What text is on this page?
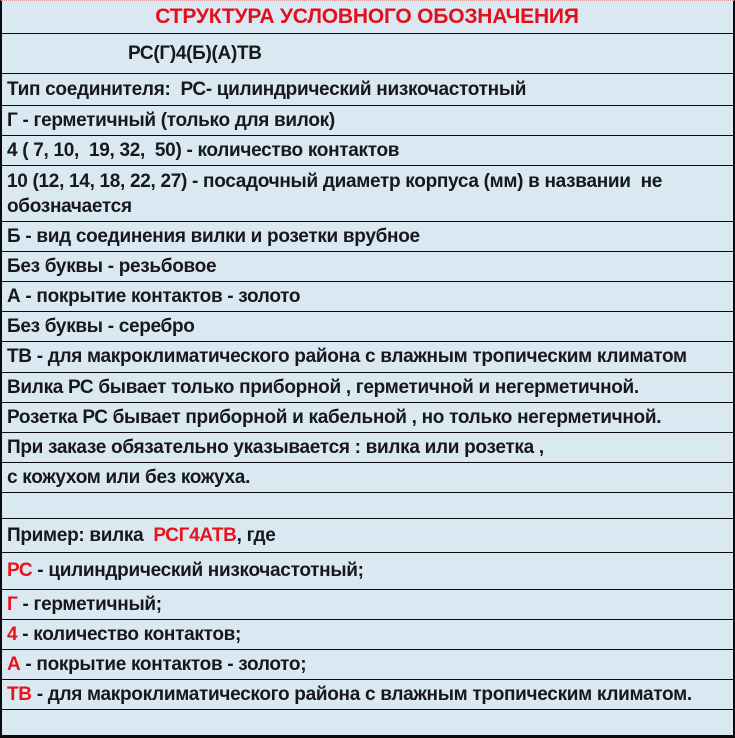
СТРУКТУРА УСЛОВНОГО ОБОЗНАЧЕНИЯ
РС(Г)4(Б)(А)ТВ
Тип соединителя:  РС- цилиндрический низкочастотный
Г - герметичный (только для вилок)
4 ( 7, 10,  19, 32,  50) - количество контактов
10 (12, 14, 18, 22, 27) - посадочный диаметр корпуса (мм) в названии  не
обозначается
Б - вид соединения вилки и розетки врубное
Без буквы - резьбовое
А - покрытие контактов - золото
Без буквы - серебро
ТВ - для макроклиматического района с влажным тропическим климатом
Вилка РС бывает только приборной , герметичной и негерметичной.
Розетка РС бывает приборной и кабельной , но только негерметичной.
При заказе обязательно указывается : вилка или розетка ,
с кожухом или без кожуха.
Пример: вилка  РСГ4АТВ, где
РС - цилиндрический низкочастотный;
Г - герметичный;
4 - количество контактов;
А - покрытие контактов - золото;
ТВ - для макроклиматического района с влажным тропическим климатом.
